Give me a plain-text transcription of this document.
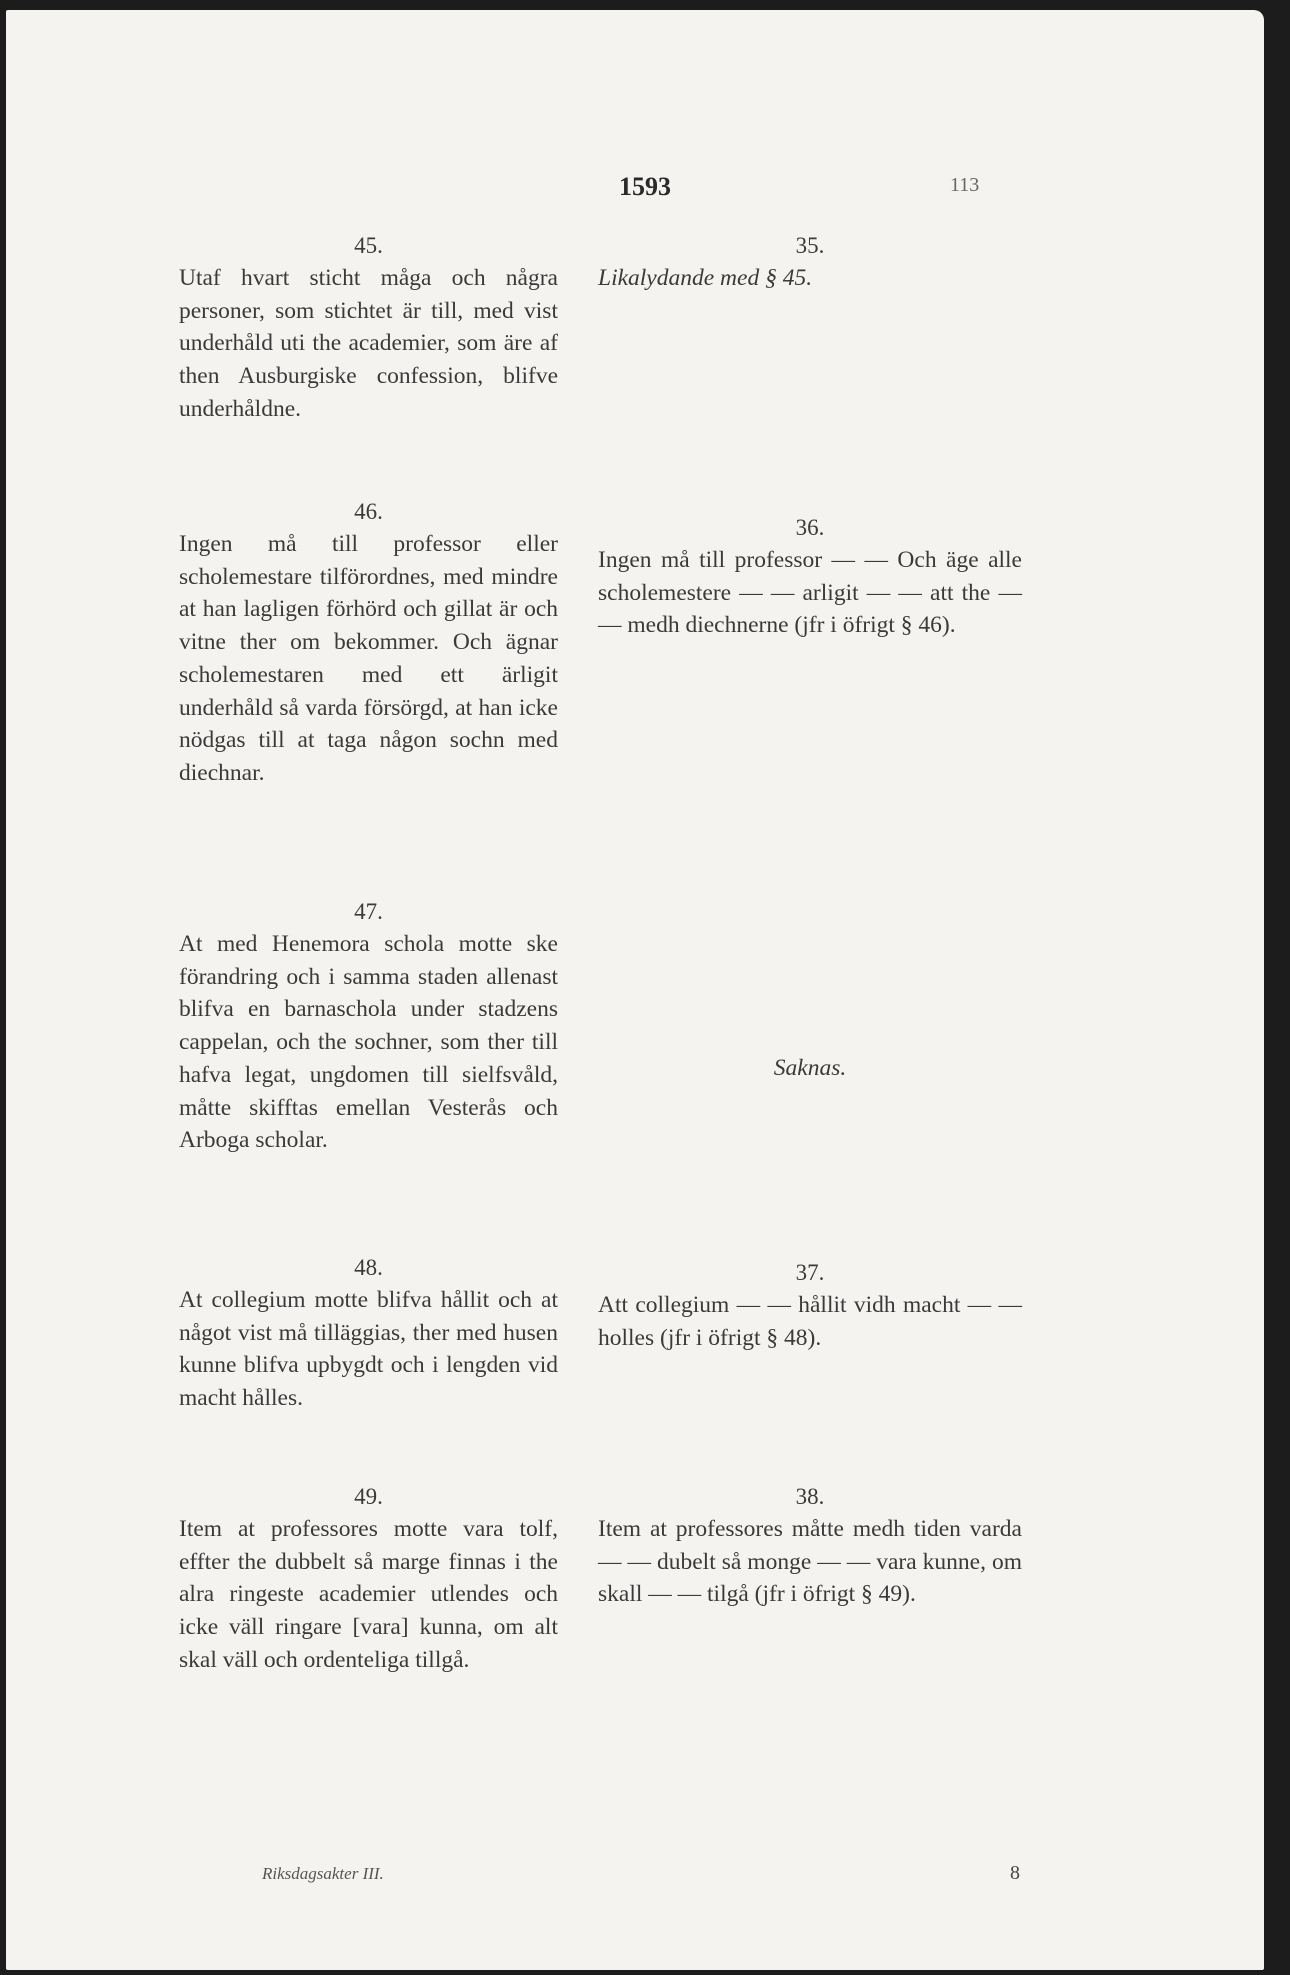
1593	113

45.

Utaf hvart sticht måga och några personer, som stichtet är till, med vist underhåld uti the academier, som äre af then Ausburgiske confession, blifve underhåldne.

35.

Likalydande med § 45.

46.

Ingen må till professor eller scholemestare tilförordnes, med mindre at han lagligen förhörd och gillat är och vitne ther om bekommer. Och ägnar scholemestaren med ett ärligit underhåld så varda försörgd, at han icke nödgas till at taga någon sochn med diechnar.

36.

Ingen må till professor — — Och äge alle scholemestere — — arligit — — att the — — medh diechnerne (jfr i öfrigt § 46).

47.

At med Henemora schola motte ske förandring och i samma staden allenast blifva en barnaschola under stadzens cappelan, och the sochner, som ther till hafva legat, ungdomen till sielfsvåld, måtte skifftas emellan Vesterås och Arboga scholar.

Saknas.

48.

At collegium motte blifva hållit och at något vist må tilläggias, ther med husen kunne blifva upbygdt och i lengden vid macht hålles.

37.

Att collegium — — hållit vidh macht — — holles (jfr i öfrigt § 48).

49.

Item at professores motte vara tolf, effter the dubbelt så marge finnas i the alra ringeste academier utlendes och icke väll ringare [vara] kunna, om alt skal väll och ordenteliga tillgå.

38.

Item at professores måtte medh tiden varda — — dubelt så monge — — vara kunne, om skall — — tilgå (jfr i öfrigt § 49).

Riksdagsakter III.	8
